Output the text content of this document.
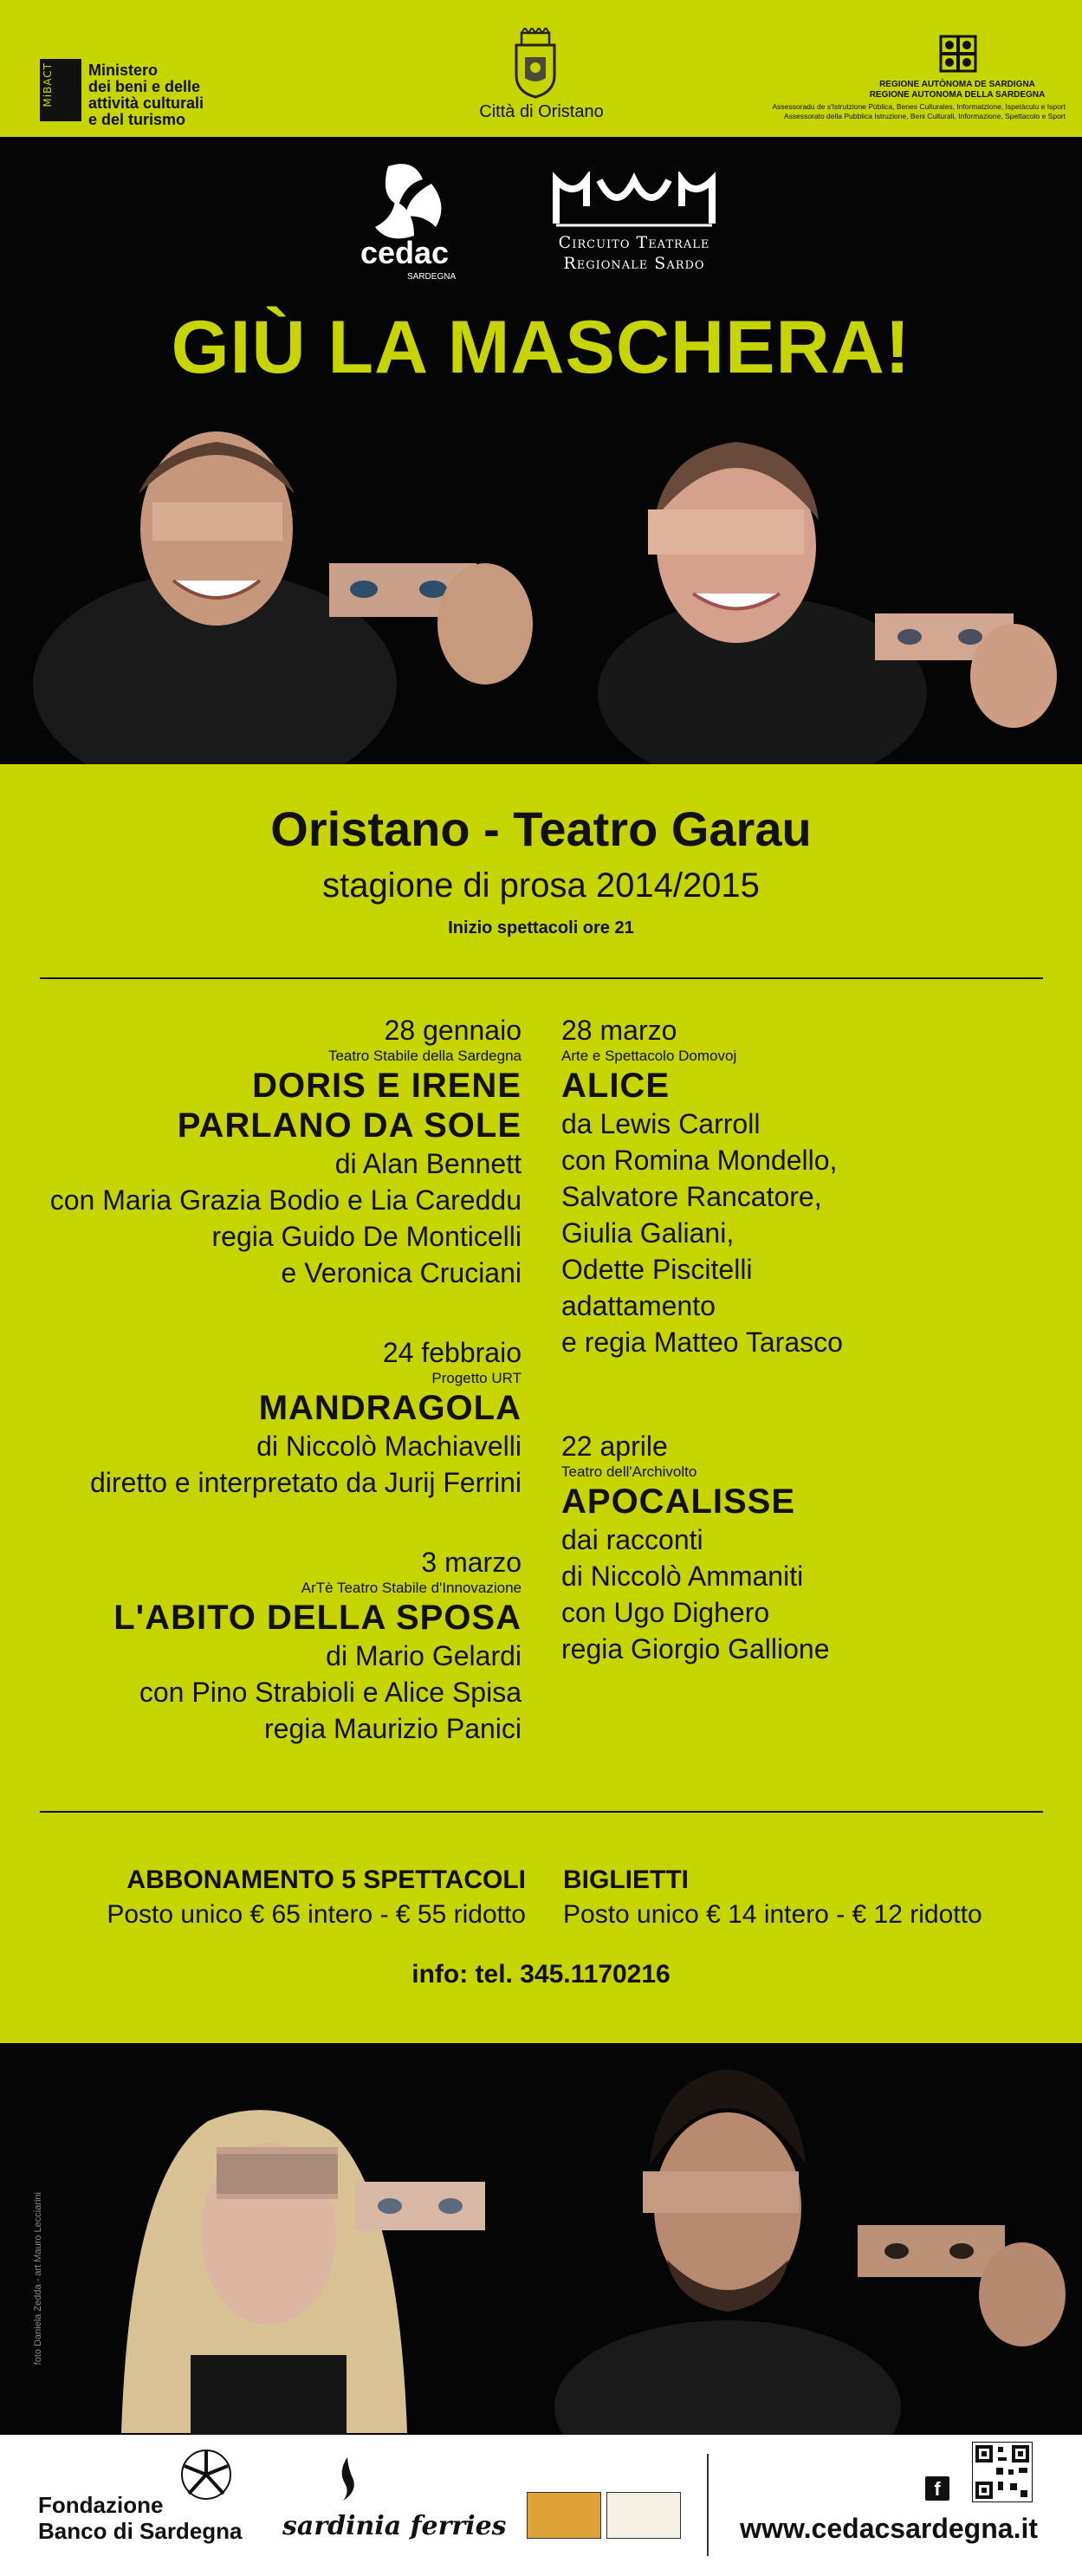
MiBACT Ministero
dei beni e delle
attività culturali
e del turismo	Città di Oristano
REGIONE AUTÒNOMA DE SARDIGNA
REGIONE AUTONOMA DELLA SARDEGNA
Assessoradu de s'Istrutzione Pùblica, Benes Culturales, Informatzione, Ispetàculu e Isport
Assessorato della Pubblica Istruzione, Beni Culturali, Informazione, Spettacolo e Sport
cedac
SARDEGNA
Circuito Teatrale
Regionale Sardo
GIÙ LA MASCHERA!
Oristano - Teatro Garau
stagione di prosa 2014/2015
Inizio spettacoli ore 21
28 gennaio
Teatro Stabile della Sardegna
DORIS E IRENE
PARLANO DA SOLE
di Alan Bennett
con Maria Grazia Bodio e Lia Careddu
regia Guido De Monticelli
e Veronica Cruciani
24 febbraio
Progetto URT
MANDRAGOLA
di Niccolò Machiavelli
diretto e interpretato da Jurij Ferrini
3 marzo
ArTè Teatro Stabile d'Innovazione
L'ABITO DELLA SPOSA
di Mario Gelardi
con Pino Strabioli e Alice Spisa
regia Maurizio Panici
28 marzo
Arte e Spettacolo Domovoj
ALICE
da Lewis Carroll
con Romina Mondello,
Salvatore Rancatore,
Giulia Galiani,
Odette Piscitelli
adattamento
e regia Matteo Tarasco
22 aprile
Teatro dell'Archivolto
APOCALISSE
dai racconti
di Niccolò Ammaniti
con Ugo Dighero
regia Giorgio Gallione
ABBONAMENTO 5 SPETTACOLI
Posto unico € 65 intero - € 55 ridotto
BIGLIETTI
Posto unico € 14 intero - € 12 ridotto
info: tel. 345.1170216
foto Daniela Zedda - art Mauro Lecciarini
Fondazione
Banco di Sardegna sardinia ferries
f
www.cedacsardegna.it
